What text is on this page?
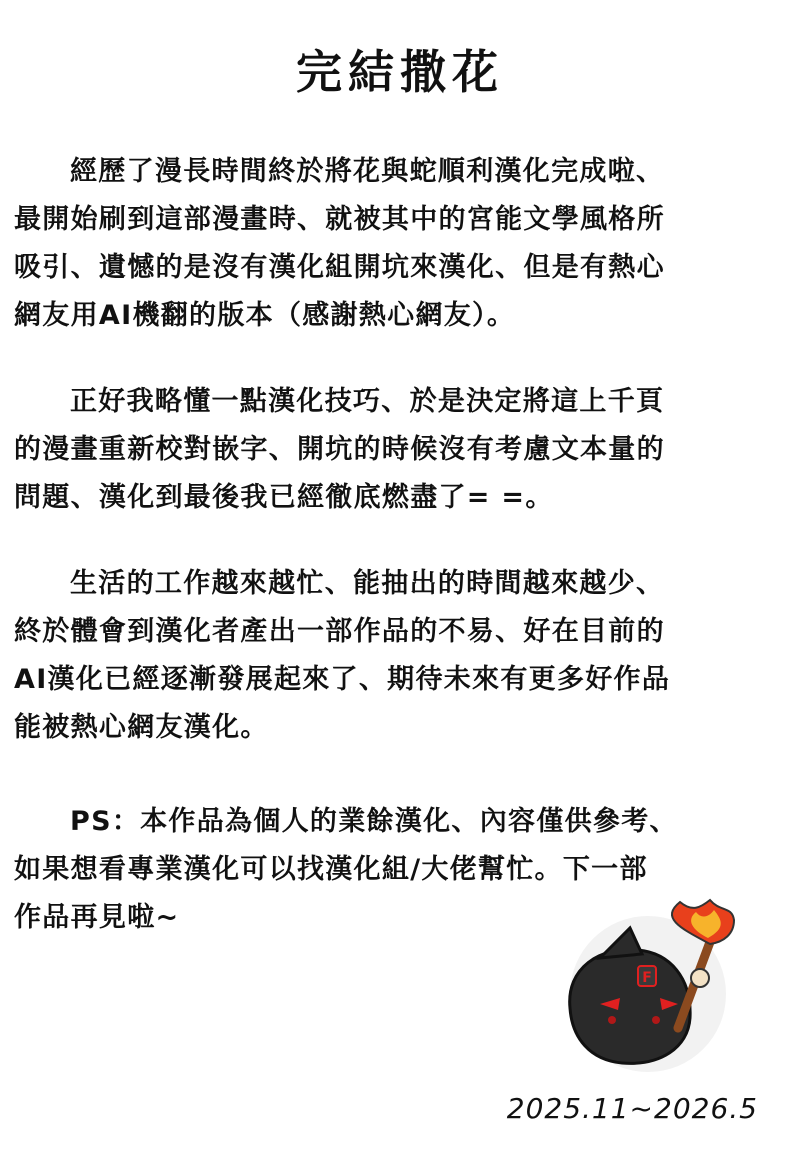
完結撒花
經歷了漫長時間終於將花與蛇順利漢化完成啦、
最開始刷到這部漫畫時、就被其中的宮能文學風格所
吸引、遺憾的是沒有漢化組開坑來漢化、但是有熱心
網友用AI機翻的版本（感謝熱心網友）。
正好我略懂一點漢化技巧、於是決定將這上千頁
的漫畫重新校對嵌字、開坑的時候沒有考慮文本量的
問題、漢化到最後我已經徹底燃盡了= =。
生活的工作越來越忙、能抽出的時間越來越少、
終於體會到漢化者產出一部作品的不易、好在目前的
AI漢化已經逐漸發展起來了、期待未來有更多好作品
能被熱心網友漢化。
PS：本作品為個人的業餘漢化、內容僅供參考、
如果想看專業漢化可以找漢化組/大佬幫忙。下一部
作品再見啦~
F
2025.11~2026.5
